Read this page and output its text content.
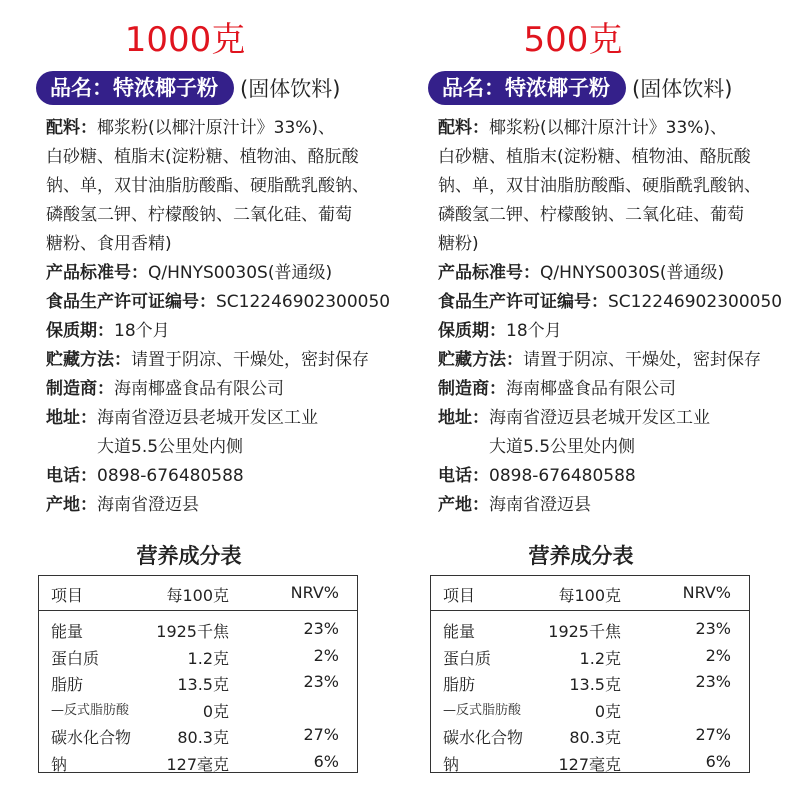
1000克
品名：特浓椰子粉	(固体饮料)
配料： 椰浆粉(以椰汁原汁计》33%)、
白砂糖、植脂末(淀粉糖、植物油、酪朊酸
钠、单，双甘油脂肪酸酯、硬脂酰乳酸钠、
磷酸氢二钾、柠檬酸钠、二氧化硅、葡萄
糖粉、食用香精)
产品标准号： Q/HNYS0030S(普通级)
食品生产许可证编号： SC12246902300050
保质期： 18个月
贮藏方法： 请置于阴凉、干燥处，密封保存
制造商： 海南椰盛食品有限公司
地址： 海南省澄迈县老城开发区工业
大道5.5公里处内侧
电话： 0898-676480588
产地： 海南省澄迈县
营养成分表
项目	每100克	NRV%
能量	1925千焦	23%
蛋白质	1.2克	2%
脂肪	13.5克	23%
—反式脂肪酸	0克
碳水化合物	80.3克	27%
钠	127毫克	6%
500克
品名：特浓椰子粉	(固体饮料)
配料： 椰浆粉(以椰汁原汁计》33%)、
白砂糖、植脂末(淀粉糖、植物油、酪朊酸
钠、单，双甘油脂肪酸酯、硬脂酰乳酸钠、
磷酸氢二钾、柠檬酸钠、二氧化硅、葡萄
糖粉)
产品标准号： Q/HNYS0030S(普通级)
食品生产许可证编号： SC12246902300050
保质期： 18个月
贮藏方法： 请置于阴凉、干燥处，密封保存
制造商： 海南椰盛食品有限公司
地址： 海南省澄迈县老城开发区工业
大道5.5公里处内侧
电话： 0898-676480588
产地： 海南省澄迈县
营养成分表
项目	每100克	NRV%
能量	1925千焦	23%
蛋白质	1.2克	2%
脂肪	13.5克	23%
—反式脂肪酸	0克
碳水化合物	80.3克	27%
钠	127毫克	6%
